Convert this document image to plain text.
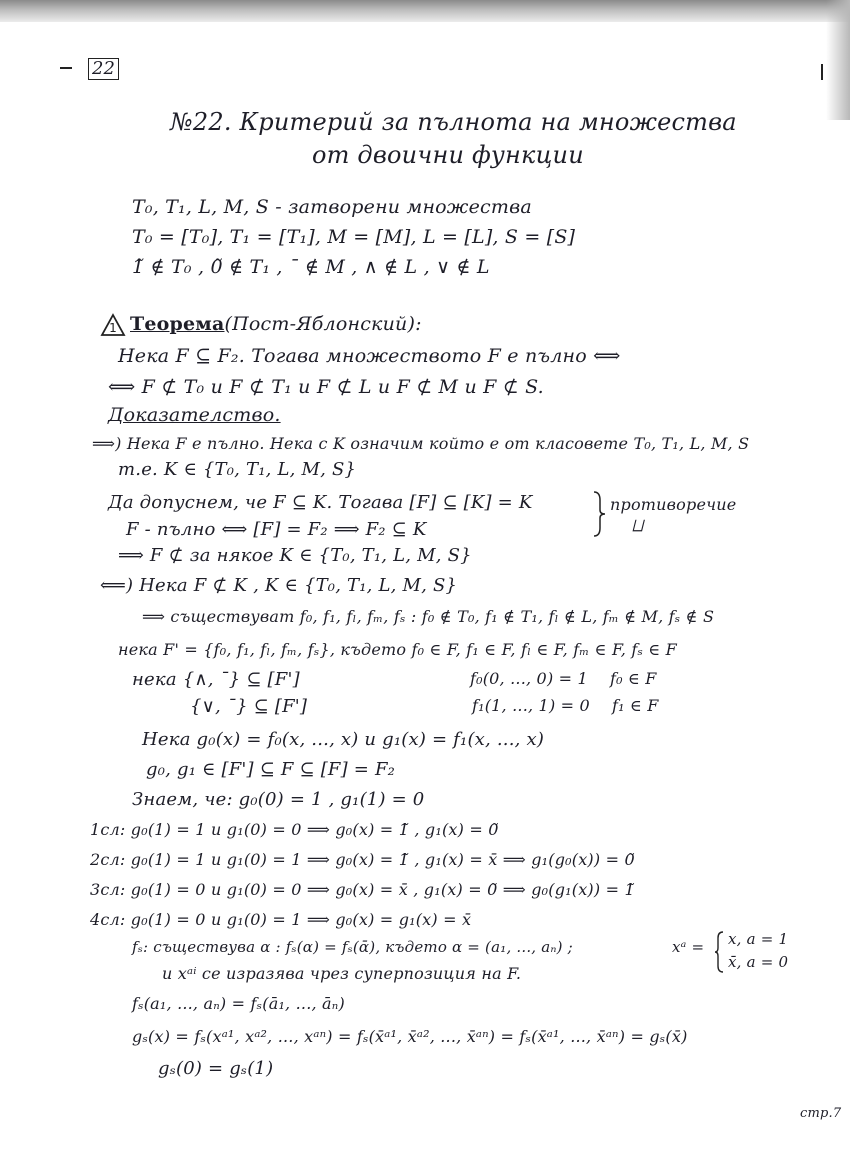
22
№22. Критерий за пълнота на множества
от двоични функции
T₀, T₁, L, M, S - затворени множества
T₀ = [T₀], T₁ = [T₁], M = [M], L = [L], S = [S]
1̃ ∉ T₀ , 0̃ ∉ T₁ , ¯ ∉ M , ∧ ∉ L , ∨ ∉ L
1 Теорема(Пост-Яблонский):
Нека F ⊆ F₂. Тогава множеството F е пълно ⟺
⟺ F ⊄ T₀ и F ⊄ T₁ и F ⊄ L и F ⊄ M и F ⊄ S.
Доказателство.
⟹) Нека F е пълно. Нека с K означим който е от класовете T₀, T₁, L, M, S
т.е. K ∈ {T₀, T₁, L, M, S}
Да допуснем, че F ⊆ K. Тогава [F] ⊆ [K] = K	противоречие
⨆
F - пълно ⟺ [F] = F₂ ⟹ F₂ ⊆ K
⟹ F ⊄ за някое K ∈ {T₀, T₁, L, M, S}
⟸) Нека F ⊄ K , K ∈ {T₀, T₁, L, M, S}
⟹ съществуват f₀, f₁, fₗ, fₘ, fₛ : f₀ ∉ T₀, f₁ ∉ T₁, fₗ ∉ L, fₘ ∉ M, fₛ ∉ S
нека F' = {f₀, f₁, fₗ, fₘ, fₛ}, където f₀ ∈ F, f₁ ∈ F, fₗ ∈ F, fₘ ∈ F, fₛ ∈ F
нека {∧, ¯} ⊆ [F']	f₀(0, ..., 0) = 1 f₀ ∈ F
{∨, ¯} ⊆ [F']	f₁(1, ..., 1) = 0 f₁ ∈ F
Нека g₀(x) = f₀(x, ..., x) и g₁(x) = f₁(x, ..., x)
g₀, g₁ ∈ [F'] ⊆ F ⊆ [F] = F₂
Знаем, че: g₀(0) = 1 , g₁(1) = 0
1сл: g₀(1) = 1 и g₁(0) = 0 ⟹ g₀(x) = 1̃ , g₁(x) = 0̃
2сл: g₀(1) = 1 и g₁(0) = 1 ⟹ g₀(x) = 1̃ , g₁(x) = x̄ ⟹ g₁(g₀(x)) = 0̃
3сл: g₀(1) = 0 и g₁(0) = 0 ⟹ g₀(x) = x̄ , g₁(x) = 0̃ ⟹ g₀(g₁(x)) = 1̃
4сл: g₀(1) = 0 и g₁(0) = 1 ⟹ g₀(x) = g₁(x) = x̄
fₛ: съществува α : fₛ(α) = fₛ(ᾱ), където α = (a₁, ..., aₙ) ;	xᵃ = x, a = 1
x̄, a = 0
и xᵃⁱ се изразява чрез суперпозиция на F.
fₛ(a₁, ..., aₙ) = fₛ(ā₁, ..., āₙ)
gₛ(x) = fₛ(xᵃ¹, xᵃ², ..., xᵃⁿ) = fₛ(x̄ᵃ¹, x̄ᵃ², ..., x̄ᵃⁿ) = fₛ(x̄ᵃ¹, ..., x̄ᵃⁿ) = gₛ(x̄)
gₛ(0) = gₛ(1)
стр.7
